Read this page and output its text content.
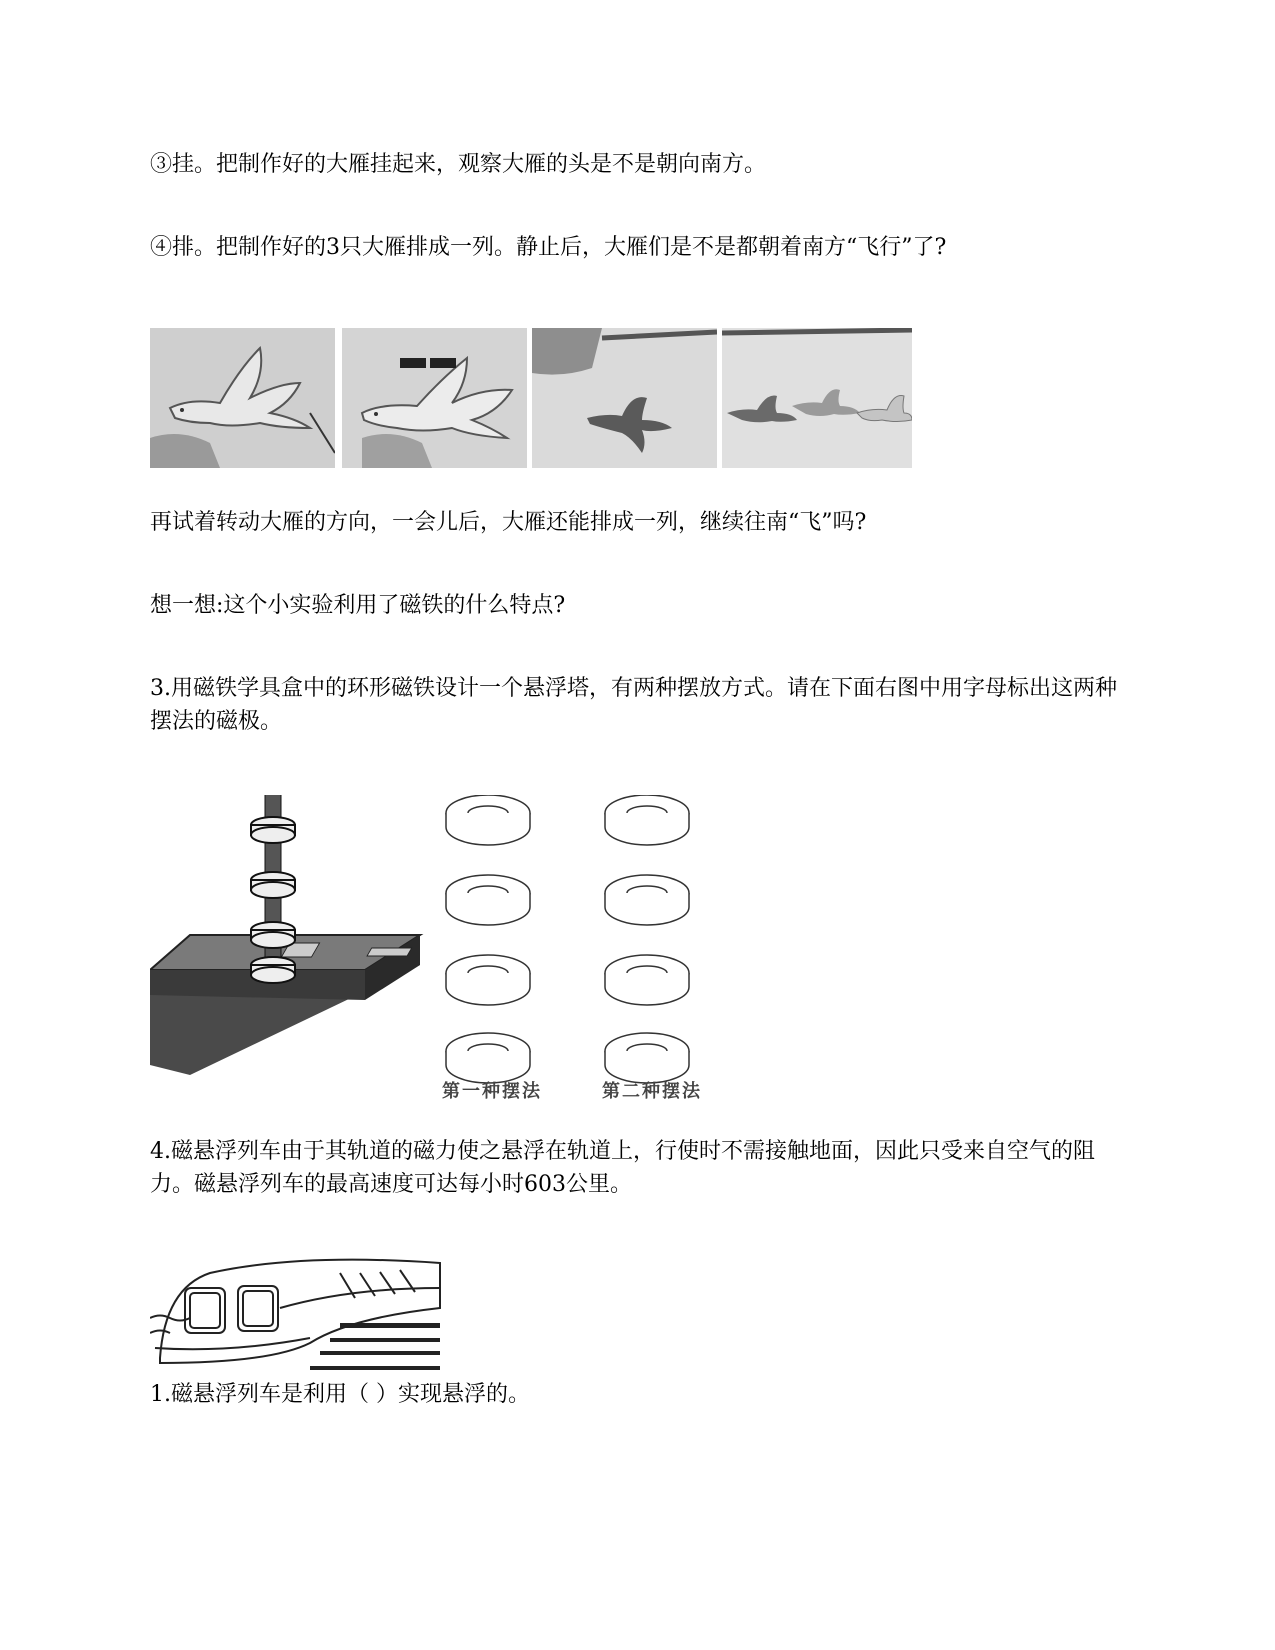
③挂。把制作好的大雁挂起来，观察大雁的头是不是朝向南方。

④排。把制作好的3只大雁排成一列。静止后，大雁们是不是都朝着南方“飞行”了?

再试着转动大雁的方向，一会儿后，大雁还能排成一列，继续往南“飞”吗?

想一想:这个小实验利用了磁铁的什么特点?

3.用磁铁学具盒中的环形磁铁设计一个悬浮塔，有两种摆放方式。请在下面右图中用字母标出这两种摆法的磁极。

第一种摆法	第二种摆法

4.磁悬浮列车由于其轨道的磁力使之悬浮在轨道上，行使时不需接触地面，因此只受来自空气的阻力。磁悬浮列车的最高速度可达每小时603公里。

1.磁悬浮列车是利用（ ）实现悬浮的。
